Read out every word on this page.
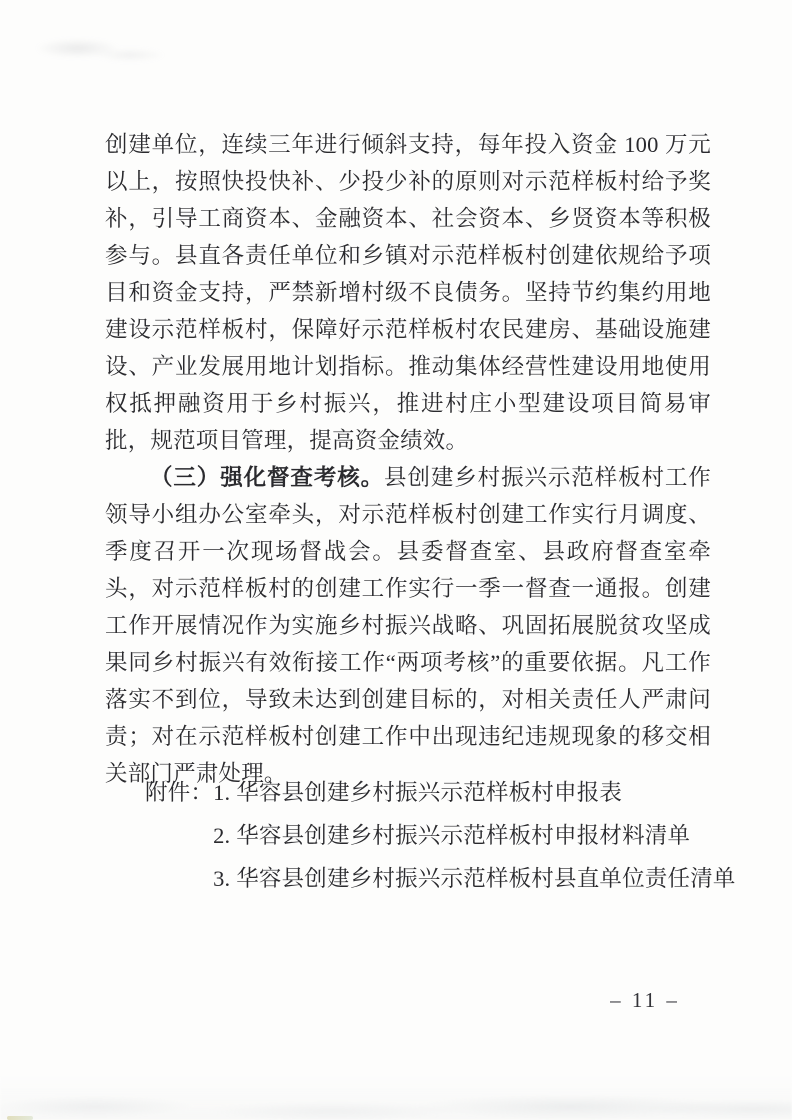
创建单位，连续三年进行倾斜支持，每年投入资金 100 万元以上，按照快投快补、少投少补的原则对示范样板村给予奖补，引导工商资本、金融资本、社会资本、乡贤资本等积极参与。县直各责任单位和乡镇对示范样板村创建依规给予项目和资金支持，严禁新增村级不良债务。坚持节约集约用地建设示范样板村，保障好示范样板村农民建房、基础设施建设、产业发展用地计划指标。推动集体经营性建设用地使用权抵押融资用于乡村振兴，推进村庄小型建设项目简易审批，规范项目管理，提高资金绩效。

（三）强化督查考核。县创建乡村振兴示范样板村工作领导小组办公室牵头，对示范样板村创建工作实行月调度、季度召开一次现场督战会。县委督查室、县政府督查室牵头，对示范样板村的创建工作实行一季一督查一通报。创建工作开展情况作为实施乡村振兴战略、巩固拓展脱贫攻坚成果同乡村振兴有效衔接工作“两项考核”的重要依据。凡工作落实不到位，导致未达到创建目标的，对相关责任人严肃问责；对在示范样板村创建工作中出现违纪违规现象的移交相关部门严肃处理。

附件： 1. 华容县创建乡村振兴示范样板村申报表
2. 华容县创建乡村振兴示范样板村申报材料清单
3. 华容县创建乡村振兴示范样板村县直单位责任清单
– 11 –
